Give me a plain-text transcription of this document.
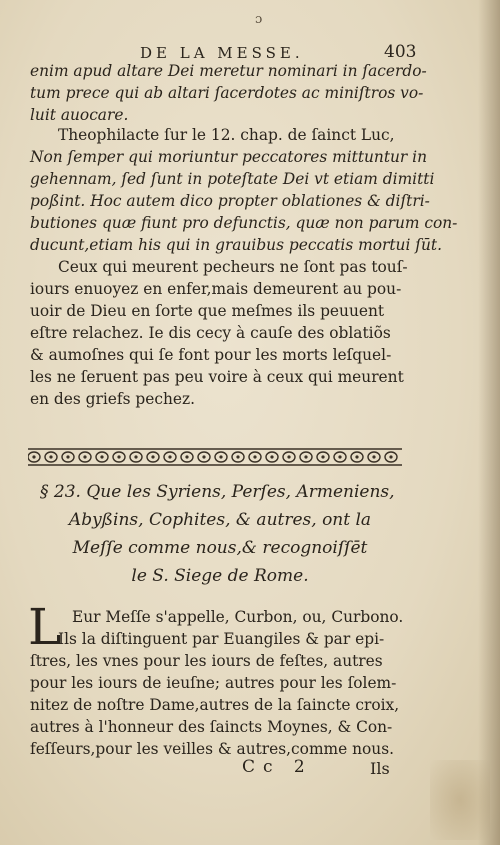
ɔ
DE LA MESSE.	403
enim apud altare Dei meretur nominari in ſacerdo-
tum prece qui ab altari ſacerdotes ac miniſtros vo-
luit auocare.
Theophilacte ſur le 12. chap. de ſainct Luc,
Non ſemper qui moriuntur peccatores mittuntur in
gehennam, ſed ſunt in poteſtate Dei vt etiam dimitti
poßint. Hoc autem dico propter oblationes & diſtri-
butiones quæ fiunt pro defunctis, quæ non parum con-
ducunt,etiam his qui in grauibus peccatis mortui ſūt.
Ceux qui meurent pecheurs ne ſont pas touſ-
iours enuoyez en enfer,mais demeurent au pou-
uoir de Dieu en ſorte que meſmes ils peuuent
eſtre relachez. Ie dis cecy à cauſe des oblatiõs
& aumoſnes qui ſe font pour les morts leſquel-
les ne ſeruent pas peu voire à ceux qui meurent
en des griefs pechez.
§ 23. Que les Syriens, Perſes, Armeniens,
Abyßins, Cophites, & autres, ont la
Meſſe comme nous,& recognoiſſēt
le S. Siege de Rome.
L Eur Meſſe s'appelle, Curbon, ou, Curbono.
Ils la diſtinguent par Euangiles & par epi-
ſtres, les vnes pour les iours de feſtes, autres
pour les iours de ieuſne; autres pour les ſolem-
nitez de noſtre Dame,autres de la ſaincte croix,
autres à l'honneur des ſaincts Moynes, & Con-
feſſeurs,pour les veilles & autres,comme nous.
Cc 2	Ils
